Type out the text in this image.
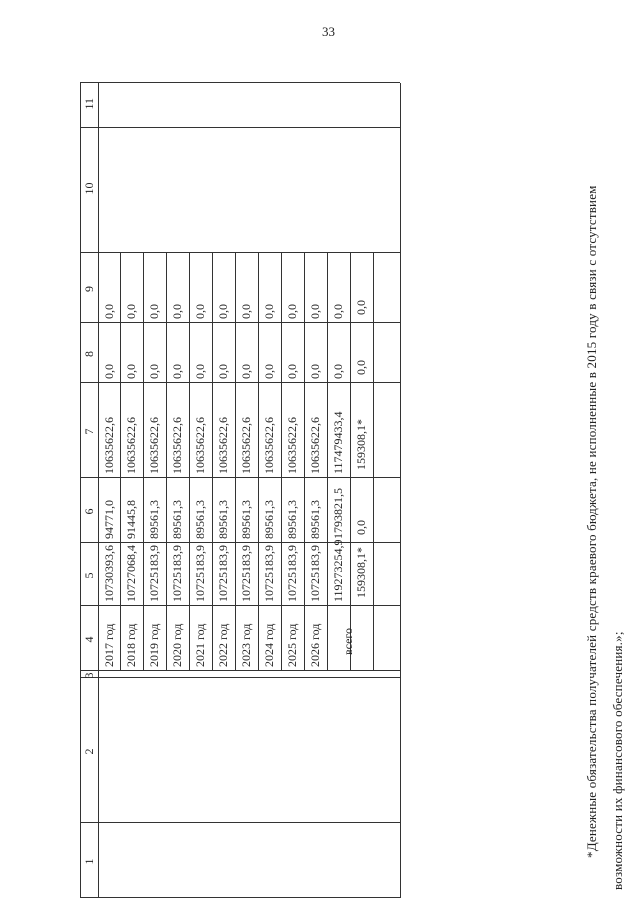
33
1
2
3
4
5
6
7
8
9
10
11
2017 год
10730393,6
94771,0
10635622,6
0,0
0,0
2018 год
10727068,4
91445,8
10635622,6
0,0
0,0
2019 год
10725183,9
89561,3
10635622,6
0,0
0,0
2020 год
10725183,9
89561,3
10635622,6
0,0
0,0
2021 год
10725183,9
89561,3
10635622,6
0,0
0,0
2022 год
10725183,9
89561,3
10635622,6
0,0
0,0
2023 год
10725183,9
89561,3
10635622,6
0,0
0,0
2024 год
10725183,9
89561,3
10635622,6
0,0
0,0
2025 год
10725183,9
89561,3
10635622,6
0,0
0,0
2026 год
10725183,9
89561,3
10635622,6
0,0
0,0
всего
119273254,9 159308,1*
1793821,5 0,0
117479433,4 159308,1*
0,0 0,0
0,0 0,0	*Денежные обязательства получателей средств краевого бюджета, не исполненные в 2015 году в связи с отсутствием возможности их финансового обеспечения.»;
